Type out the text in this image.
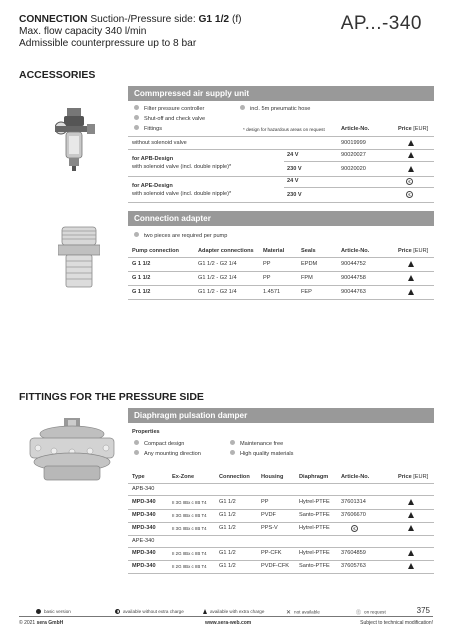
CONNECTION Suction-/Pressure side: G1 1/2 (f)
Max. flow capacity 340 l/min
Admissible counterpressure up to 8 bar
AP...-340
ACCESSORIES
Commpressed air supply unit
Filter pressure controller
Shut-off and check valve
Fittings
incl. 5m pneumatic hose
* design for hazardous areas on request	Article-No.	Price [EUR]
without solenoid valve	90019999
for APB-Design
with solenoid valve (incl. double nipple)*
24 V	90020027
230 V	90020020
for APE-Design
with solenoid valve (incl. double nipple)*
24 V	€
230 V	€
Connection adapter
two pieces are required per pump
Pump connection	Adapter connections Material	Seals	Article-No.	Price [EUR]
G 1 1/2	G1 1/2 - G2 1/4	PP	EPDM	90044752
G 1 1/2	G1 1/2 - G2 1/4	PP	FPM	90044758
G 1 1/2	G1 1/2 - G2 1/4	1.4571	FEP	90044763
FITTINGS FOR THE PRESSURE SIDE
Diaphragm pulsation damper
Properties
Compact design
Any mounting direction
Maintenance free
High quality materials
Type	Ex-Zone	Connection Housing	Diaphragm Article-No.	Price [EUR]
APB-340
MPD-340	II 3G IIBx c IIB T4 G1 1/2	PP	Hytrel-PTFE 37601314
MPD-340	II 3G IIBx c IIB T4 G1 1/2	PVDF	Santo-PTFE 37606670
MPD-340	II 3G IIBx c IIB T4 G1 1/2	PPS-V	Hytrel-PTFE	€
APE-340
MPD-340	II 2G IIBx c IIB T4 G1 1/2	PP-CFK	Hytrel-PTFE 37604859
MPD-340	II 2G IIBx c IIB T4 G1 1/2	PVDF-CFK Santo-PTFE 37605763
basic version	available without extra charge	available with extra charge	✕ not available	Ⓔ on request	375
© 2021 sera GmbH	www.sera-web.com	Subject to technical modification!
